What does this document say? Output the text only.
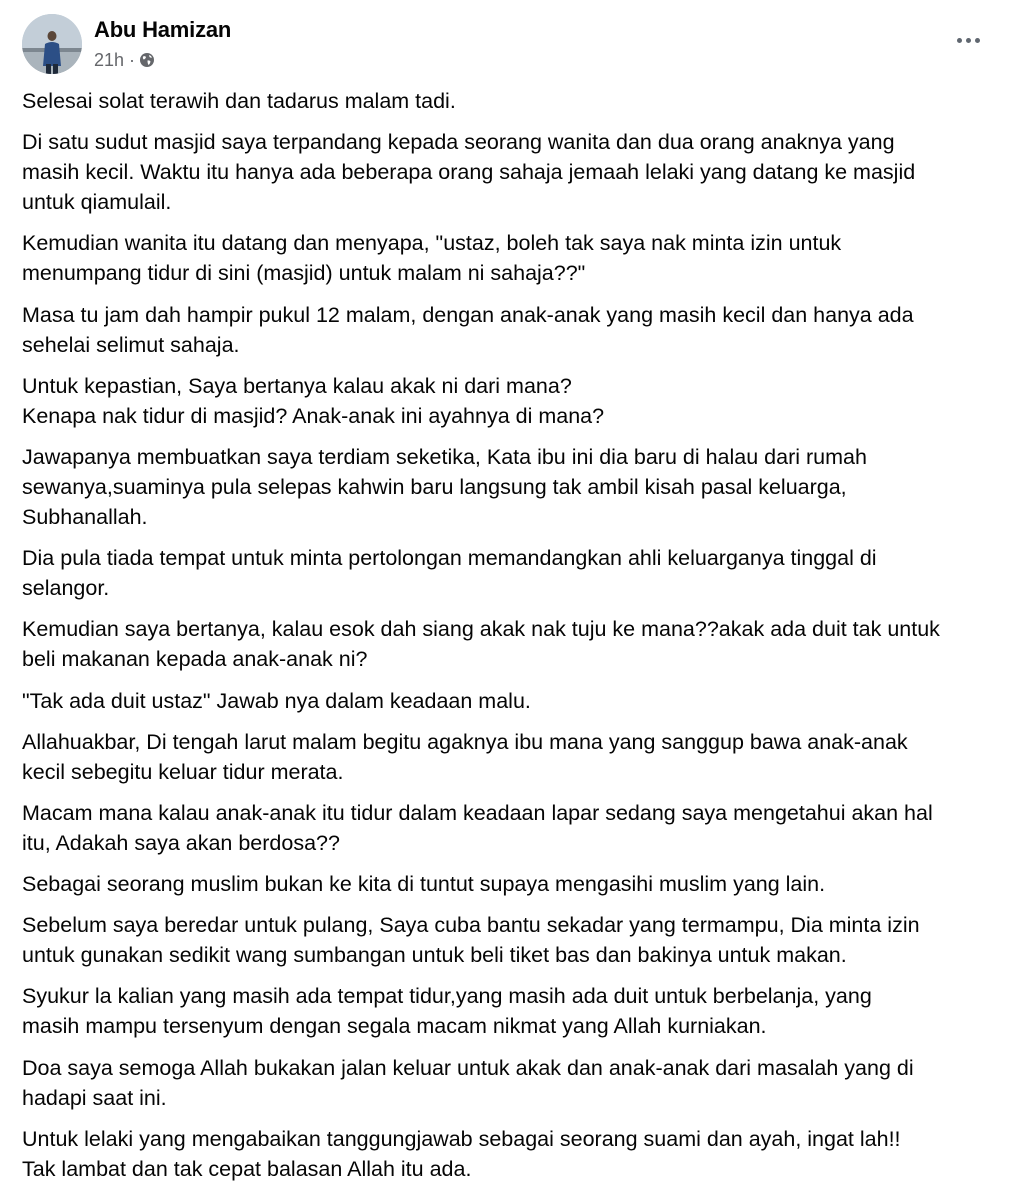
Abu Hamizan
21h ·

Selesai solat terawih dan tadarus malam tadi.

Di satu sudut masjid saya terpandang kepada seorang wanita dan dua orang anaknya yang
masih kecil. Waktu itu hanya ada beberapa orang sahaja jemaah lelaki yang datang ke masjid
untuk qiamulail.

Kemudian wanita itu datang dan menyapa, "ustaz, boleh tak saya nak minta izin untuk
menumpang tidur di sini (masjid) untuk malam ni sahaja??"

Masa tu jam dah hampir pukul 12 malam, dengan anak-anak yang masih kecil dan hanya ada
sehelai selimut sahaja.

Untuk kepastian, Saya bertanya kalau akak ni dari mana?
Kenapa nak tidur di masjid? Anak-anak ini ayahnya di mana?

Jawapanya membuatkan saya terdiam seketika, Kata ibu ini dia baru di halau dari rumah
sewanya,suaminya pula selepas kahwin baru langsung tak ambil kisah pasal keluarga,
Subhanallah.

Dia pula tiada tempat untuk minta pertolongan memandangkan ahli keluarganya tinggal di
selangor.

Kemudian saya bertanya, kalau esok dah siang akak nak tuju ke mana??akak ada duit tak untuk
beli makanan kepada anak-anak ni?

"Tak ada duit ustaz" Jawab nya dalam keadaan malu.

Allahuakbar, Di tengah larut malam begitu agaknya ibu mana yang sanggup bawa anak-anak
kecil sebegitu keluar tidur merata.

Macam mana kalau anak-anak itu tidur dalam keadaan lapar sedang saya mengetahui akan hal
itu, Adakah saya akan berdosa??

Sebagai seorang muslim bukan ke kita di tuntut supaya mengasihi muslim yang lain.

Sebelum saya beredar untuk pulang, Saya cuba bantu sekadar yang termampu, Dia minta izin
untuk gunakan sedikit wang sumbangan untuk beli tiket bas dan bakinya untuk makan.

Syukur la kalian yang masih ada tempat tidur,yang masih ada duit untuk berbelanja, yang
masih mampu tersenyum dengan segala macam nikmat yang Allah kurniakan.

Doa saya semoga Allah bukakan jalan keluar untuk akak dan anak-anak dari masalah yang di
hadapi saat ini.

Untuk lelaki yang mengabaikan tanggungjawab sebagai seorang suami dan ayah, ingat lah!!
Tak lambat dan tak cepat balasan Allah itu ada.
